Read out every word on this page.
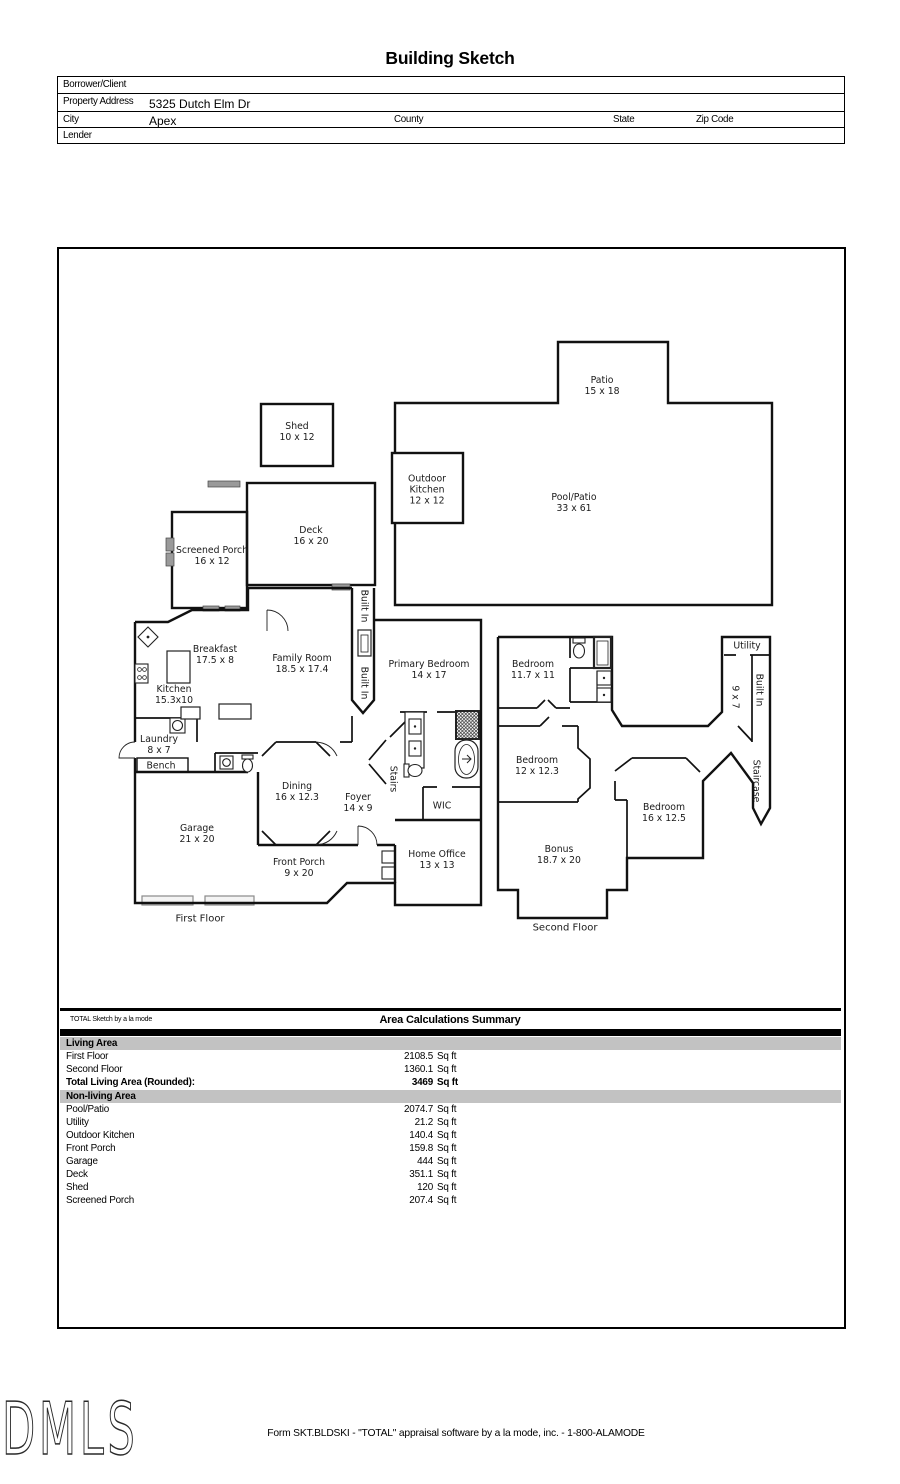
Building Sketch
Borrower/Client
Property Address 5325 Dutch Elm Dr
City	Apex	County	State	Zip Code
Lender
Patio
15 x 18
Pool/Patio
33 x 61
Shed
10 x 12
Outdoor Kitchen
12 x 12
Deck
16 x 20
Screened Porch
16 x 12
Breakfast
17.5 x 8	Family Room
18.5 x 17.4
Kitchen
15.3x10
Primary Bedroom
14 x 17
Laundry
8 x 7
Bench
Garage
21 x 20
Dining
16 x 12.3	Foyer
14 x 9
Stairs
WIC
Home Office
13 x 13
Front Porch
9 x 20
Built In
Built In
First Floor
Bedroom
11.7 x 11
Utility
9 x 7 Built In
Staircase
Bedroom
12 x 12.3
Bedroom
16 x 12.5
Bonus
18.7 x 20
Second Floor
TOTAL Sketch by a la mode	Area Calculations Summary
Living Area
First Floor	2108.5 Sq ft
Second Floor	1360.1 Sq ft
Total Living Area (Rounded):	3469 Sq ft
Non-living Area
Pool/Patio	2074.7 Sq ft
Utility	21.2 Sq ft
Outdoor Kitchen	140.4 Sq ft
Front Porch	159.8 Sq ft
Garage	444 Sq ft
Deck	351.1 Sq ft
Shed	120 Sq ft
Screened Porch	207.4 Sq ft
DMLS	Form SKT.BLDSKI - "TOTAL" appraisal software by a la mode, inc. - 1-800-ALAMODE
